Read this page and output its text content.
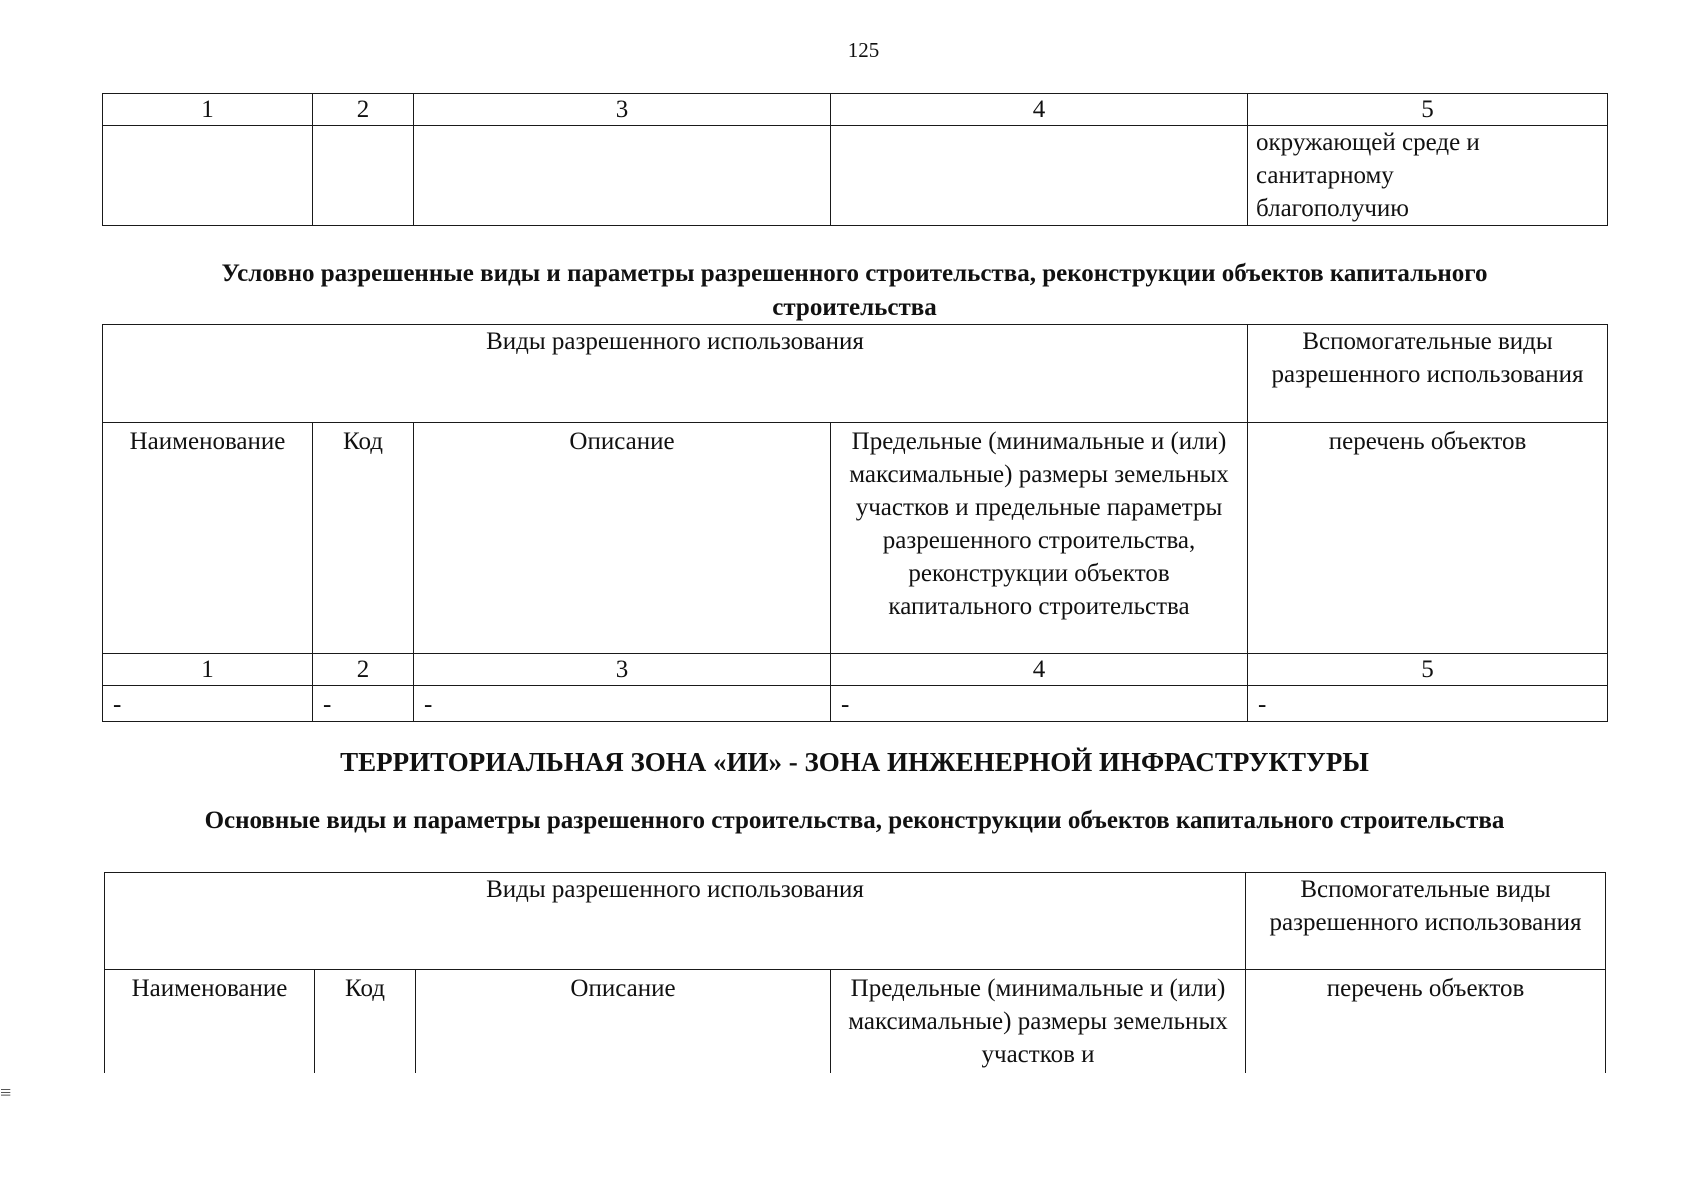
125
1	2	3	4	5
				окружающей среде и санитарному благополучию
Условно разрешенные виды и параметры разрешенного строительства, реконструкции объектов капитального строительства
Виды разрешенного использования				Вспомогательные виды разрешенного использования
Наименование	Код	Описание	Предельные (минимальные и (или) максимальные) размеры земельных участков и предельные параметры разрешенного строительства, реконструкции объектов капитального строительства	перечень объектов
1	2	3	4	5
-	-	-	-	-
ТЕРРИТОРИАЛЬНАЯ ЗОНА «ИИ» - ЗОНА ИНЖЕНЕРНОЙ ИНФРАСТРУКТУРЫ
Основные виды и параметры разрешенного строительства, реконструкции объектов капитального строительства
Виды разрешенного использования				Вспомогательные виды разрешенного использования
Наименование	Код	Описание	Предельные (минимальные и (или) максимальные) размеры земельных участков и	перечень объектов
≡
